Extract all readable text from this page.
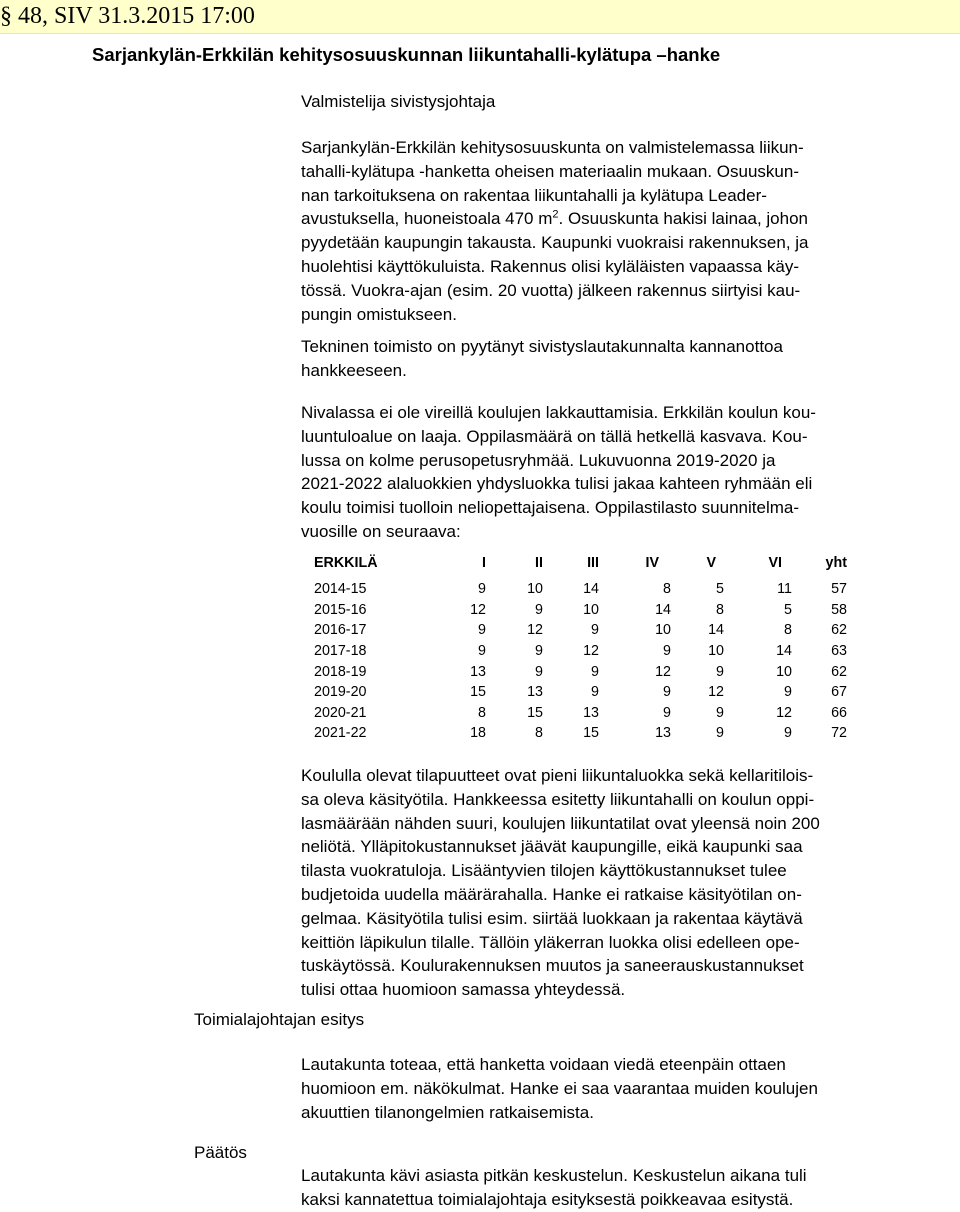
§ 48, SIV 31.3.2015 17:00
Sarjankylän-Erkkilän kehitysosuuskunnan liikuntahalli-kylätupa –hanke

Valmistelija sivistysjohtaja

Sarjankylän-Erkkilän kehitysosuuskunta on valmistelemassa liikun-
tahalli-kylätupa -hanketta oheisen materiaalin mukaan. Osuuskun-
nan tarkoituksena on rakentaa liikuntahalli ja kylätupa Leader-
avustuksella, huoneistoala 470 $m^2$. Osuuskunta hakisi lainaa, johon
pyydetään kaupungin takausta. Kaupunki vuokraisi rakennuksen, ja
huolehtisi käyttökuluista. Rakennus olisi kyläläisten vapaassa käy-
tössä. Vuokra-ajan (esim. 20 vuotta) jälkeen rakennus siirtyisi kau-
pungin omistukseen.
Tekninen toimisto on pyytänyt sivistyslautakunnalta kannanottoa
hankkeeseen.
Nivalassa ei ole vireillä koulujen lakkauttamisia. Erkkilän koulun kou-
luuntuloalue on laaja. Oppilasmäärä on tällä hetkellä kasvava. Kou-
lussa on kolme perusopetusryhmää. Lukuvuonna 2019-2020 ja
2021-2022 alaluokkien yhdysluokka tulisi jakaa kahteen ryhmään eli
koulu toimisi tuolloin neliopettajaisena. Oppilastilasto suunnitelma-
vuosille on seuraava:
ERKKILÄ	I	II	III	IV	V	VI	yht
2014-15	9	10	14	8	5	11	57
2015-16	12	9	10	14	8	5	58
2016-17	9	12	9	10	14	8	62
2017-18	9	9	12	9	10	14	63
2018-19	13	9	9	12	9	10	62
2019-20	15	13	9	9	12	9	67
2020-21	8	15	13	9	9	12	66
2021-22	18	8	15	13	9	9	72
Koululla olevat tilapuutteet ovat pieni liikuntaluokka sekä kellaritilois-
sa oleva käsityötila. Hankkeessa esitetty liikuntahalli on koulun oppi-
lasmäärään nähden suuri, koulujen liikuntatilat ovat yleensä noin 200
neliötä. Ylläpitokustannukset jäävät kaupungille, eikä kaupunki saa
tilasta vuokratuloja. Lisääntyvien tilojen käyttökustannukset tulee
budjetoida uudella määrärahalla. Hanke ei ratkaise käsityötilan on-
gelmaa. Käsityötila tulisi esim. siirtää luokkaan ja rakentaa käytävä
keittiön läpikulun tilalle. Tällöin yläkerran luokka olisi edelleen ope-
tuskäytössä. Koulurakennuksen muutos ja saneerauskustannukset
tulisi ottaa huomioon samassa yhteydessä.
Toimialajohtajan esitys
Lautakunta toteaa, että hanketta voidaan viedä eteenpäin ottaen
huomioon em. näkökulmat. Hanke ei saa vaarantaa muiden koulujen
akuuttien tilanongelmien ratkaisemista.
Päätös
Lautakunta kävi asiasta pitkän keskustelun. Keskustelun aikana tuli
kaksi kannatettua toimialajohtaja esityksestä poikkeavaa esitystä.
